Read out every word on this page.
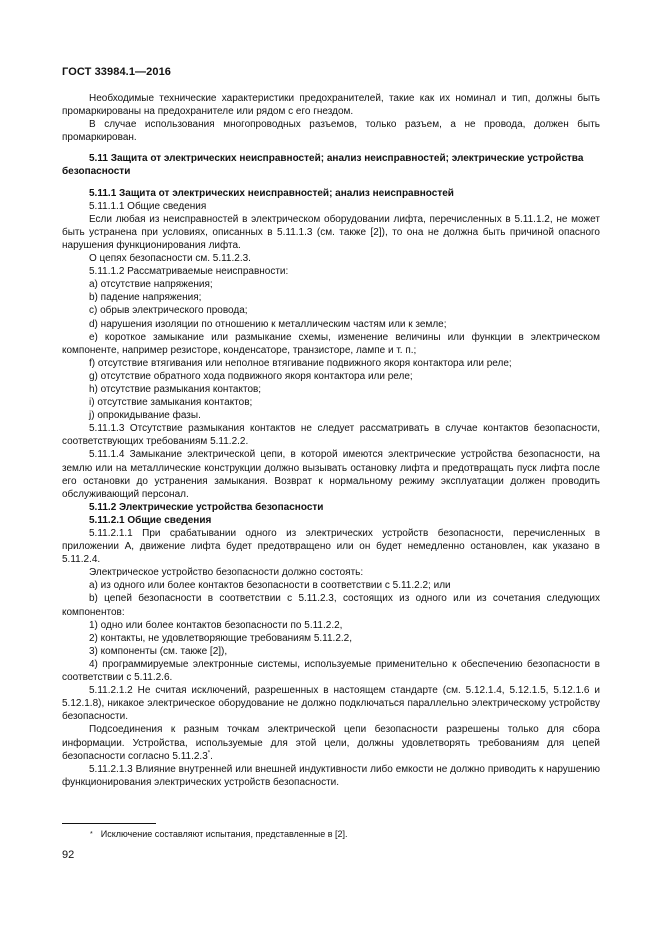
ГОСТ 33984.1—2016

Необходимые технические характеристики предохранителей, такие как их номинал и тип, должны быть промаркированы на предохранителе или рядом с его гнездом.

В случае использования многопроводных разъемов, только разъем, а не провода, должен быть промаркирован.

5.11 Защита от электрических неисправностей; анализ неисправностей; электрические устройства безопасности
5.11.1 Защита от электрических неисправностей; анализ неисправностей

5.11.1.1 Общие сведения

Если любая из неисправностей в электрическом оборудовании лифта, перечисленных в 5.11.1.2, не может быть устранена при условиях, описанных в 5.11.1.3 (см. также [2]), то она не должна быть причиной опасного нарушения функционирования лифта.

О цепях безопасности см. 5.11.2.3.

5.11.1.2 Рассматриваемые неисправности:

a) отсутствие напряжения;

b) падение напряжения;

c) обрыв электрического провода;

d) нарушения изоляции по отношению к металлическим частям или к земле;

e) короткое замыкание или размыкание схемы, изменение величины или функции в электрическом компоненте, например резисторе, конденсаторе, транзисторе, лампе и т. п.;

f) отсутствие втягивания или неполное втягивание подвижного якоря контактора или реле;

g) отсутствие обратного хода подвижного якоря контактора или реле;

h) отсутствие размыкания контактов;

i) отсутствие замыкания контактов;

j) опрокидывание фазы.

5.11.1.3 Отсутствие размыкания контактов не следует рассматривать в случае контактов безопасности, соответствующих требованиям 5.11.2.2.

5.11.1.4 Замыкание электрической цепи, в которой имеются электрические устройства безопасности, на землю или на металлические конструкции должно вызывать остановку лифта и предотвращать пуск лифта после его остановки до устранения замыкания. Возврат к нормальному режиму эксплуатации должен проводить обслуживающий персонал.

5.11.2 Электрические устройства безопасности
5.11.2.1 Общие сведения

5.11.2.1.1 При срабатывании одного из электрических устройств безопасности, перечисленных в приложении А, движение лифта будет предотвращено или он будет немедленно остановлен, как указано в 5.11.2.4.

Электрическое устройство безопасности должно состоять:

а) из одного или более контактов безопасности в соответствии с 5.11.2.2; или

b) цепей безопасности в соответствии с 5.11.2.3, состоящих из одного или из сочетания следующих компонентов:

1) одно или более контактов безопасности по 5.11.2.2,

2) контакты, не удовлетворяющие требованиям 5.11.2.2,

3) компоненты (см. также [2]),

4) программируемые электронные системы, используемые применительно к обеспечению безопасности в соответствии с 5.11.2.6.

5.11.2.1.2 Не считая исключений, разрешенных в настоящем стандарте (см. 5.12.1.4, 5.12.1.5, 5.12.1.6 и 5.12.1.8), никакое электрическое оборудование не должно подключаться параллельно электрическому устройству безопасности.

Подсоединения к разным точкам электрической цепи безопасности разрешены только для сбора информации. Устройства, используемые для этой цели, должны удовлетворять требованиям для цепей безопасности согласно 5.11.2.3*.

5.11.2.1.3 Влияние внутренней или внешней индуктивности либо емкости не должно приводить к нарушению функционирования электрических устройств безопасности.

* Исключение составляют испытания, представленные в [2].
92
